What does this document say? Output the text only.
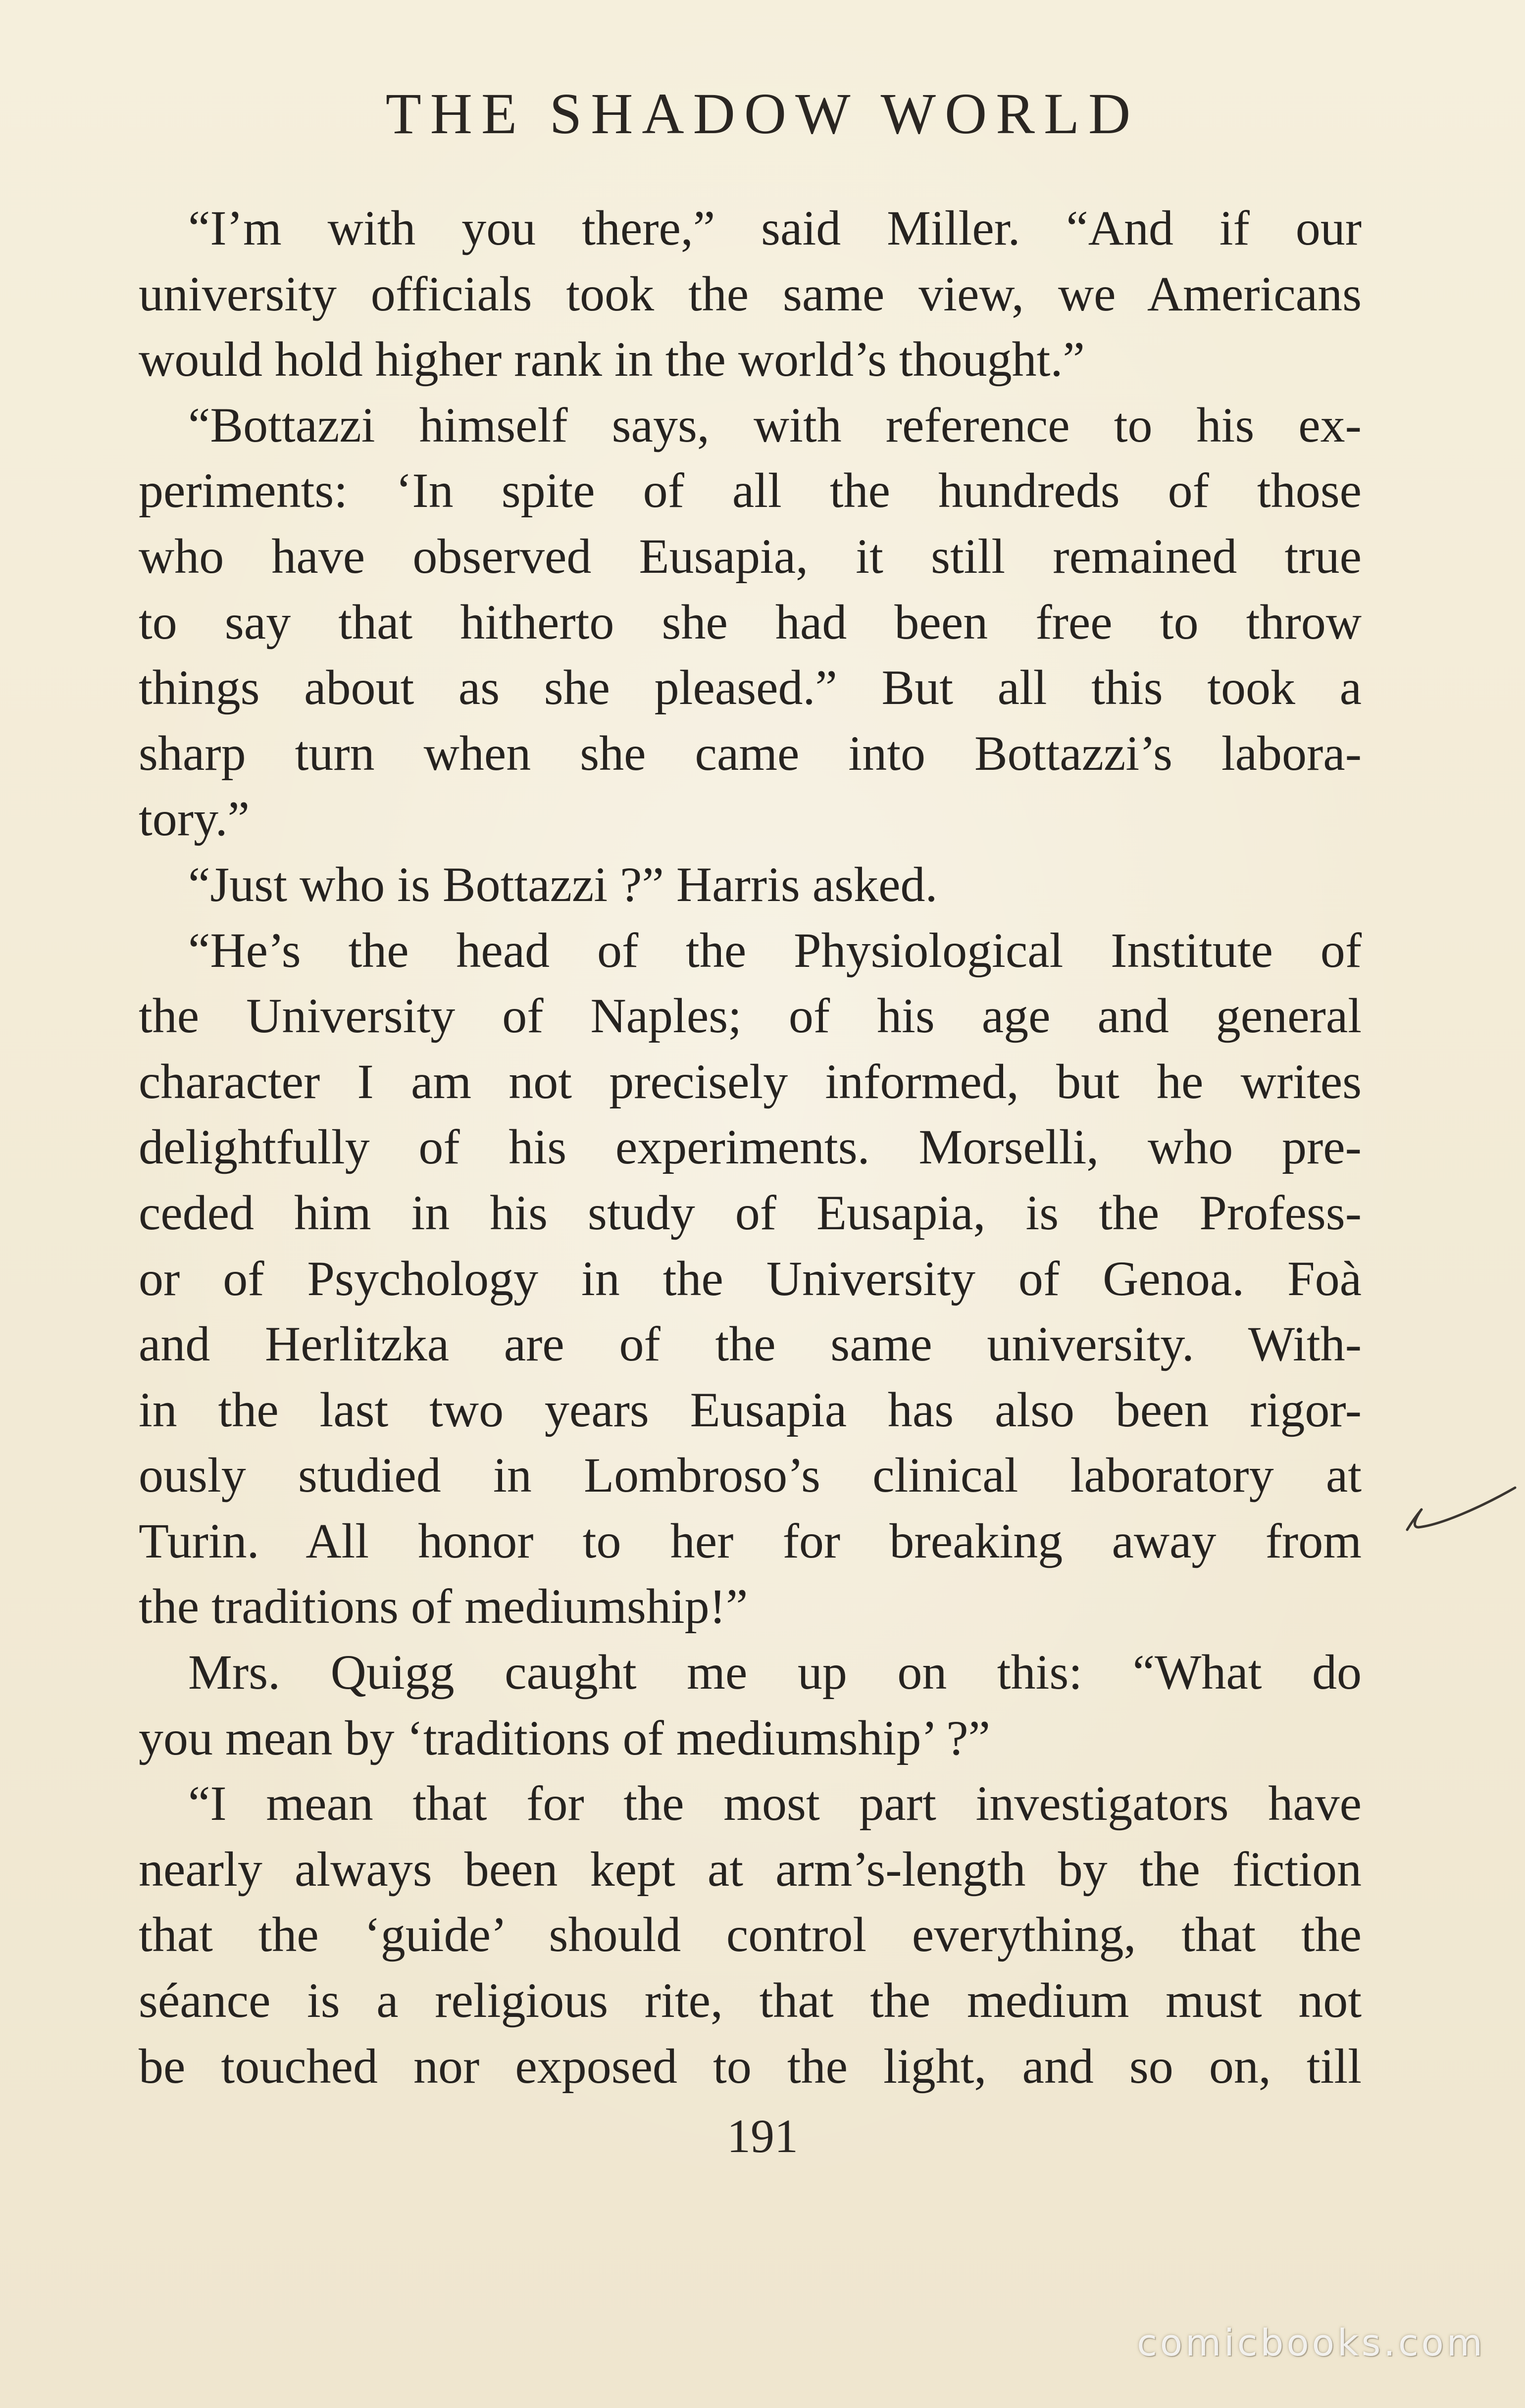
THE SHADOW WORLD
“I’m with you there,” said Miller. “And if our
university officials took the same view, we Americans
would hold higher rank in the world’s thought.”
“Bottazzi himself says, with reference to his ex-
periments: ‘In spite of all the hundreds of those
who have observed Eusapia, it still remained true
to say that hitherto she had been free to throw
things about as she pleased.” But all this took a
sharp turn when she came into Bottazzi’s labora-
tory.”
“Just who is Bottazzi ?” Harris asked.
“He’s the head of the Physiological Institute of
the University of Naples; of his age and general
character I am not precisely informed, but he writes
delightfully of his experiments. Morselli, who pre-
ceded him in his study of Eusapia, is the Profess-
or of Psychology in the University of Genoa. Foà
and Herlitzka are of the same university. With-
in the last two years Eusapia has also been rigor-
ously studied in Lombroso’s clinical laboratory at
Turin. All honor to her for breaking away from
the traditions of mediumship!”
Mrs. Quigg caught me up on this: “What do
you mean by ‘traditions of mediumship’ ?”
“I mean that for the most part investigators have
nearly always been kept at arm’s-length by the fiction
that the ‘guide’ should control everything, that the
séance is a religious rite, that the medium must not
be touched nor exposed to the light, and so on, till
191
comicbooks.com
